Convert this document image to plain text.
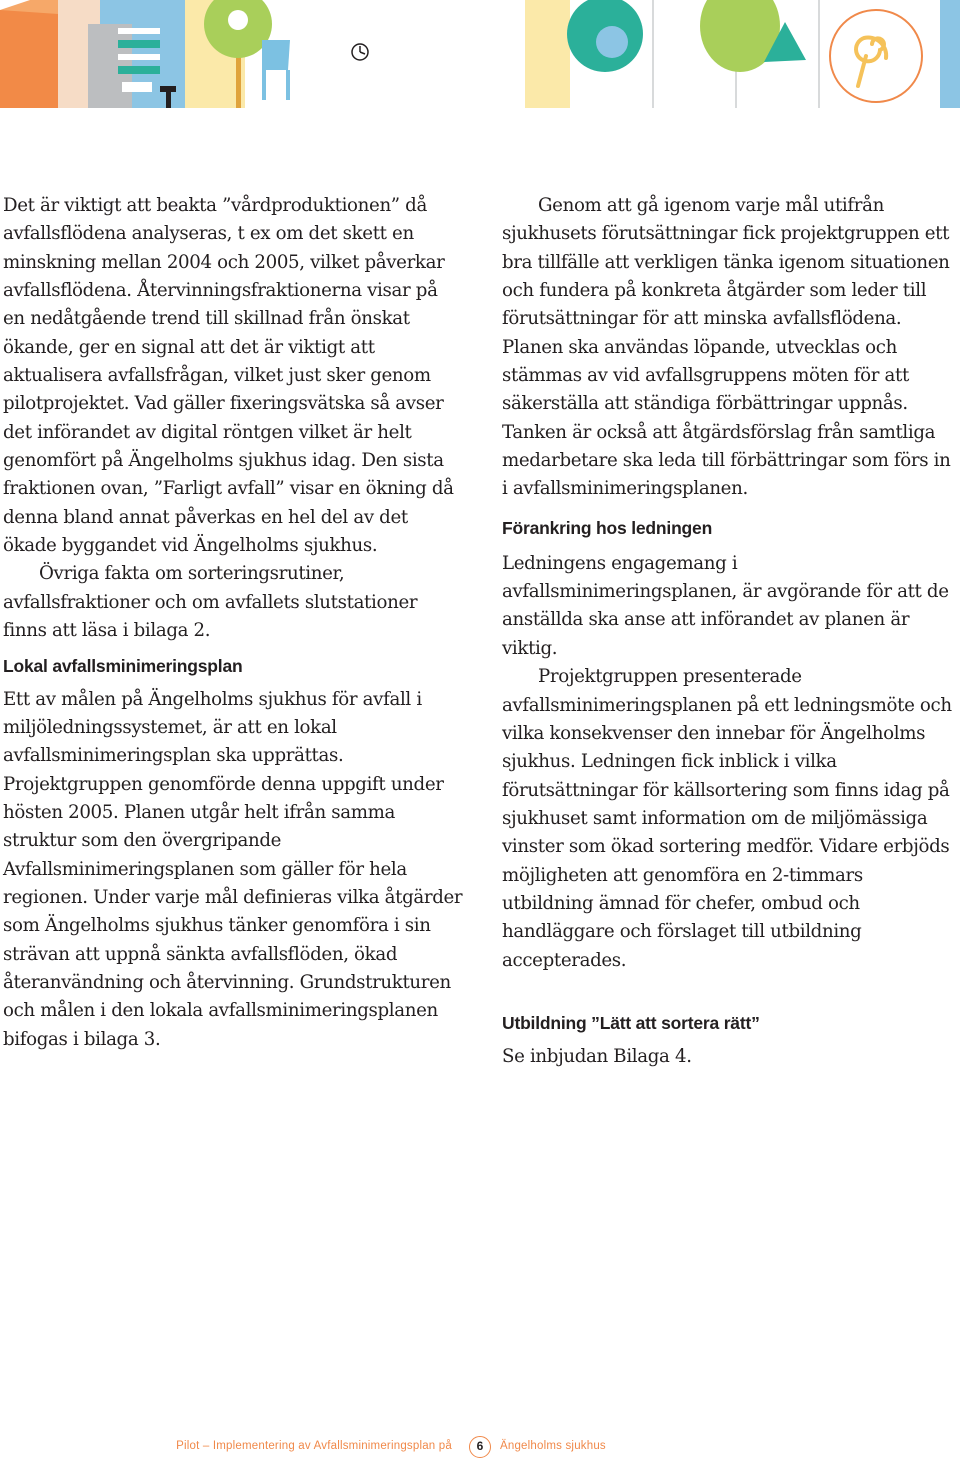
Det är viktigt att beakta ”vårdproduktionen” då avfallsflödena analyseras, t ex om det skett en minskning mellan 2004 och 2005, vilket påverkar avfallsflödena. Återvinningsfraktionerna visar på en nedåtgående trend till skillnad från önskat ökande, ger en signal att det är viktigt att aktualisera avfallsfrågan, vilket just sker genom pilotprojektet. Vad gäller fixeringsvätska så avser det införandet av digital röntgen vilket är helt genomfört på Ängelholms sjukhus idag. Den sista fraktionen ovan, ”Farligt avfall” visar en ökning då denna bland annat påverkas en hel del av det ökade byggandet vid Ängelholms sjukhus.

Övriga fakta om sorteringsrutiner, avfallsfraktioner och om avfallets slutstationer finns att läsa i bilaga 2.

Lokal avfallsminimeringsplan

Ett av målen på Ängelholms sjukhus för avfall i miljöledningssystemet, är att en lokal avfallsminimeringsplan ska upprättas. Projektgruppen genomförde denna uppgift under hösten 2005. Planen utgår helt ifrån samma struktur som den övergripande Avfallsminimeringsplanen som gäller för hela regionen. Under varje mål definieras vilka åtgärder som Ängelholms sjukhus tänker genomföra i sin strävan att uppnå sänkta avfallsflöden, ökad återanvändning och återvinning. Grundstrukturen och målen i den lokala avfallsminimeringsplanen bifogas i bilaga 3.

Genom att gå igenom varje mål utifrån sjukhusets förutsättningar fick projektgruppen ett bra tillfälle att verkligen tänka igenom situationen och fundera på konkreta åtgärder som leder till förutsättningar för att minska avfallsflödena. Planen ska användas löpande, utvecklas och stämmas av vid avfallsgruppens möten för att säkerställa att ständiga förbättringar uppnås. Tanken är också att åtgärdsförslag från samtliga medarbetare ska leda till förbättringar som förs in i avfallsminimeringsplanen.

Förankring hos ledningen

Ledningens engagemang i avfallsminimeringsplanen, är avgörande för att de anställda ska anse att införandet av planen är viktig.

Projektgruppen presenterade avfallsminimeringsplanen på ett ledningsmöte och vilka konsekvenser den innebar för Ängelholms sjukhus. Ledningen fick inblick i vilka förutsättningar för källsortering som finns idag på sjukhuset samt information om de miljömässiga vinster som ökad sortering medför. Vidare erbjöds möjligheten att genomföra en 2-timmars utbildning ämnad för chefer, ombud och handläggare och förslaget till utbildning accepterades.

Utbildning ”Lätt att sortera rätt”

Se inbjudan Bilaga 4.

Pilot – Implementering av Avfallsminimeringsplan på	6	Ängelholms sjukhus
